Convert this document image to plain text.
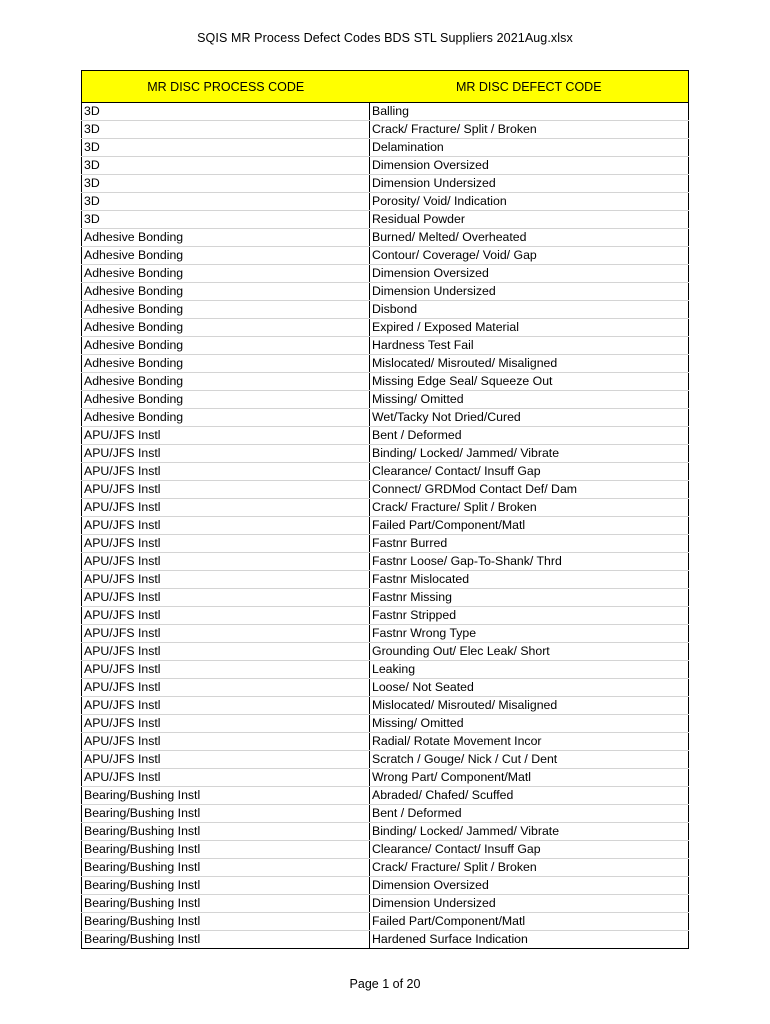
SQIS MR Process Defect Codes BDS STL Suppliers 2021Aug.xlsx
MR DISC PROCESS CODE	MR DISC DEFECT CODE
3D	Balling
3D	Crack/ Fracture/ Split / Broken
3D	Delamination
3D	Dimension Oversized
3D	Dimension Undersized
3D	Porosity/ Void/ Indication
3D	Residual Powder
Adhesive Bonding	Burned/ Melted/ Overheated
Adhesive Bonding	Contour/ Coverage/ Void/ Gap
Adhesive Bonding	Dimension Oversized
Adhesive Bonding	Dimension Undersized
Adhesive Bonding	Disbond
Adhesive Bonding	Expired / Exposed Material
Adhesive Bonding	Hardness Test Fail
Adhesive Bonding	Mislocated/ Misrouted/ Misaligned
Adhesive Bonding	Missing Edge Seal/ Squeeze Out
Adhesive Bonding	Missing/ Omitted
Adhesive Bonding	Wet/Tacky Not Dried/Cured
APU/JFS Instl	Bent / Deformed
APU/JFS Instl	Binding/ Locked/ Jammed/ Vibrate
APU/JFS Instl	Clearance/ Contact/ Insuff Gap
APU/JFS Instl	Connect/ GRDMod Contact Def/ Dam
APU/JFS Instl	Crack/ Fracture/ Split / Broken
APU/JFS Instl	Failed Part/Component/Matl
APU/JFS Instl	Fastnr Burred
APU/JFS Instl	Fastnr Loose/ Gap-To-Shank/ Thrd
APU/JFS Instl	Fastnr Mislocated
APU/JFS Instl	Fastnr Missing
APU/JFS Instl	Fastnr Stripped
APU/JFS Instl	Fastnr Wrong Type
APU/JFS Instl	Grounding Out/ Elec Leak/ Short
APU/JFS Instl	Leaking
APU/JFS Instl	Loose/ Not Seated
APU/JFS Instl	Mislocated/ Misrouted/ Misaligned
APU/JFS Instl	Missing/ Omitted
APU/JFS Instl	Radial/ Rotate Movement Incor
APU/JFS Instl	Scratch / Gouge/ Nick / Cut / Dent
APU/JFS Instl	Wrong Part/ Component/Matl
Bearing/Bushing Instl	Abraded/ Chafed/ Scuffed
Bearing/Bushing Instl	Bent / Deformed
Bearing/Bushing Instl	Binding/ Locked/ Jammed/ Vibrate
Bearing/Bushing Instl	Clearance/ Contact/ Insuff Gap
Bearing/Bushing Instl	Crack/ Fracture/ Split / Broken
Bearing/Bushing Instl	Dimension Oversized
Bearing/Bushing Instl	Dimension Undersized
Bearing/Bushing Instl	Failed Part/Component/Matl
Bearing/Bushing Instl	Hardened Surface Indication
Page 1 of 20
